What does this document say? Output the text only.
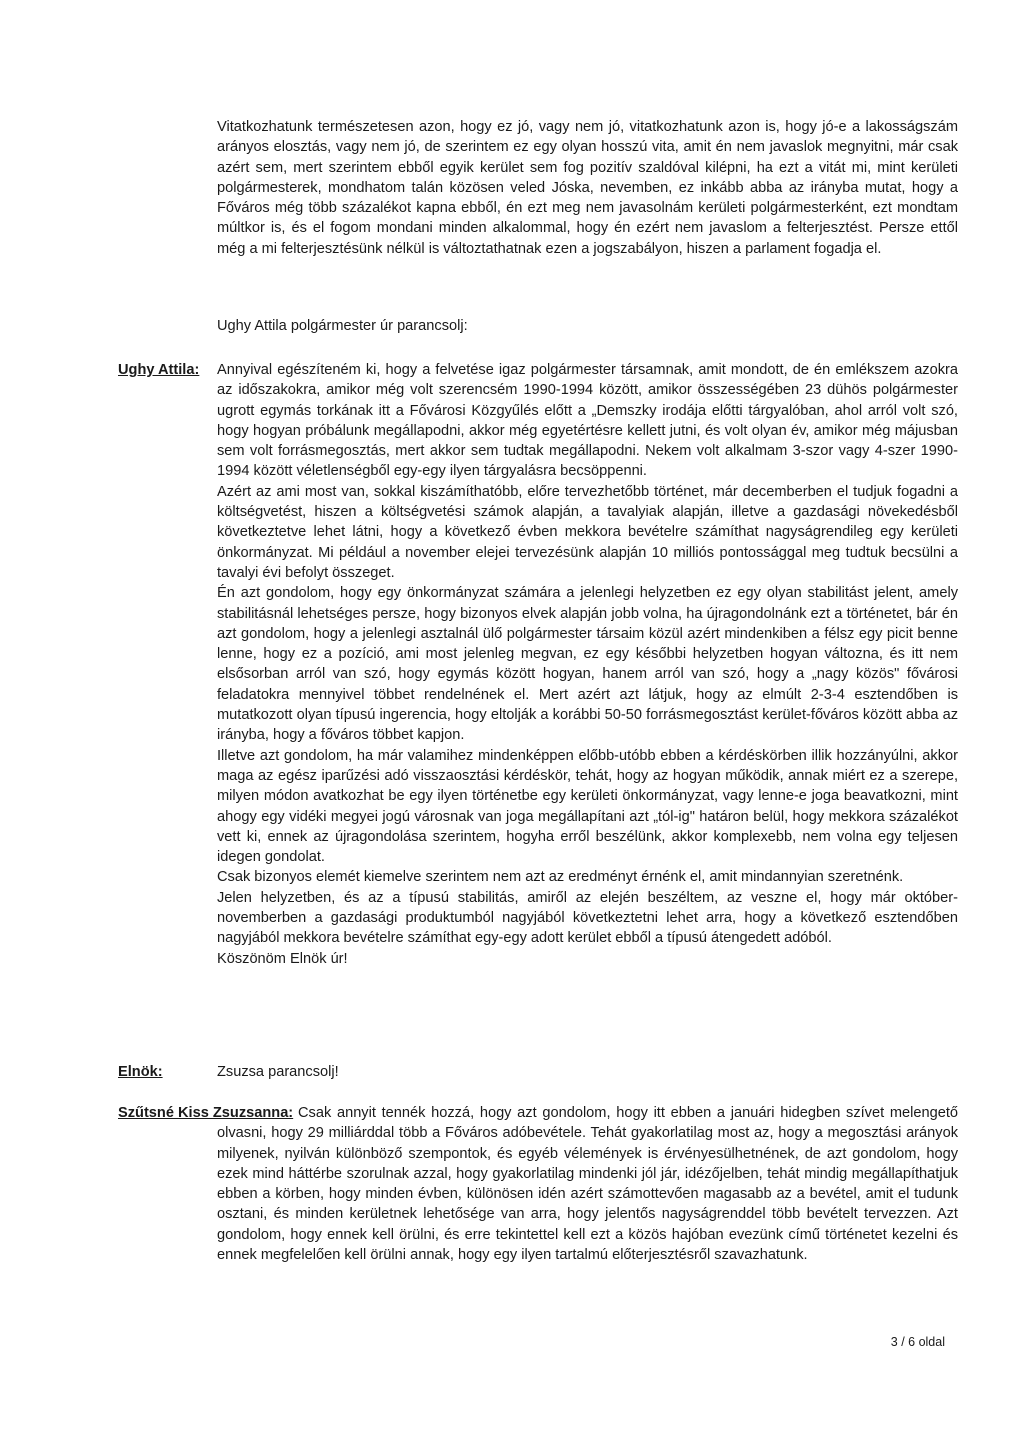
Vitatkozhatunk természetesen azon, hogy ez jó, vagy nem jó, vitatkozhatunk azon is, hogy jó-e a lakosságszám arányos elosztás, vagy nem jó, de szerintem ez egy olyan hosszú vita, amit én nem javaslok megnyitni, már csak azért sem, mert szerintem ebből egyik kerület sem fog pozitív szaldóval kilépni, ha ezt a vitát mi, mint kerületi polgármesterek, mondhatom talán közösen veled Jóska, nevemben, ez inkább abba az irányba mutat, hogy a Főváros még több százalékot kapna ebből, én ezt meg nem javasolnám kerületi polgármesterként, ezt mondtam múltkor is, és el fogom mondani minden alkalommal, hogy én ezért nem javaslom a felterjesztést. Persze ettől még a mi felterjesztésünk nélkül is változtathatnak ezen a jogszabályon, hiszen a parlament fogadja el.

Ughy Attila polgármester úr parancsolj:

Ughy Attila: Annyival egészíteném ki, hogy a felvetése igaz polgármester társamnak, amit mondott, de én emlékszem azokra az időszakokra, amikor még volt szerencsém 1990-1994 között, amikor összességében 23 dühös polgármester ugrott egymás torkának itt a Fővárosi Közgyűlés előtt a „Demszky irodája előtti tárgyalóban, ahol arról volt szó, hogy hogyan próbálunk megállapodni, akkor még egyetértésre kellett jutni, és volt olyan év, amikor még májusban sem volt forrásmegosztás, mert akkor sem tudtak megállapodni. Nekem volt alkalmam 3-szor vagy 4-szer 1990-1994 között véletlenségből egy-egy ilyen tárgyalásra becsöppenni.

Azért az ami most van, sokkal kiszámíthatóbb, előre tervezhetőbb történet, már decemberben el tudjuk fogadni a költségvetést, hiszen a költségvetési számok alapján, a tavalyiak alapján, illetve a gazdasági növekedésből következtetve lehet látni, hogy a következő évben mekkora bevételre számíthat nagyságrendileg egy kerületi önkormányzat. Mi például a november elejei tervezésünk alapján 10 milliós pontossággal meg tudtuk becsülni a tavalyi évi befolyt összeget.

Én azt gondolom, hogy egy önkormányzat számára a jelenlegi helyzetben ez egy olyan stabilitást jelent, amely stabilitásnál lehetséges persze, hogy bizonyos elvek alapján jobb volna, ha újragondolnánk ezt a történetet, bár én azt gondolom, hogy a jelenlegi asztalnál ülő polgármester társaim közül azért mindenkiben a félsz egy picit benne lenne, hogy ez a pozíció, ami most jelenleg megvan, ez egy későbbi helyzetben hogyan változna, és itt nem elsősorban arról van szó, hogy egymás között hogyan, hanem arról van szó, hogy a „nagy közös" fővárosi feladatokra mennyivel többet rendelnének el. Mert azért azt látjuk, hogy az elmúlt 2-3-4 esztendőben is mutatkozott olyan típusú ingerencia, hogy eltolják a korábbi 50-50 forrásmegosztást kerület-főváros között abba az irányba, hogy a főváros többet kapjon.

Illetve azt gondolom, ha már valamihez mindenképpen előbb-utóbb ebben a kérdéskörben illik hozzányúlni, akkor maga az egész iparűzési adó visszaosztási kérdéskör, tehát, hogy az hogyan működik, annak miért ez a szerepe, milyen módon avatkozhat be egy ilyen történetbe egy kerületi önkormányzat, vagy lenne-e joga beavatkozni, mint ahogy egy vidéki megyei jogú városnak van joga megállapítani azt „tól-ig" határon belül, hogy mekkora százalékot vett ki, ennek az újragondolása szerintem, hogyha erről beszélünk, akkor komplexebb, nem volna egy teljesen idegen gondolat.

Csak bizonyos elemét kiemelve szerintem nem azt az eredményt érnénk el, amit mindannyian szeretnénk.

Jelen helyzetben, és az a típusú stabilitás, amiről az elején beszéltem, az veszne el, hogy már október-novemberben a gazdasági produktumból nagyjából következtetni lehet arra, hogy a következő esztendőben nagyjából mekkora bevételre számíthat egy-egy adott kerület ebből a típusú átengedett adóból.

Köszönöm Elnök úr!

Elnök:	Zsuzsa parancsolj!

Szűtsné Kiss Zsuzsanna: Csak annyit tennék hozzá, hogy azt gondolom, hogy itt ebben a januári hidegben szívet melengető olvasni, hogy 29 milliárddal több a Főváros adóbevétele. Tehát gyakorlatilag most az, hogy a megosztási arányok milyenek, nyilván különböző szempontok, és egyéb vélemények is érvényesülhetnének, de azt gondolom, hogy ezek mind háttérbe szorulnak azzal, hogy gyakorlatilag mindenki jól jár, idézőjelben, tehát mindig megállapíthatjuk ebben a körben, hogy minden évben, különösen idén azért számottevően magasabb az a bevétel, amit el tudunk osztani, és minden kerületnek lehetősége van arra, hogy jelentős nagyságrenddel több bevételt tervezzen. Azt gondolom, hogy ennek kell örülni, és erre tekintettel kell ezt a közös hajóban evezünk című történetet kezelni és ennek megfelelően kell örülni annak, hogy egy ilyen tartalmú előterjesztésről szavazhatunk.

3 / 6 oldal
